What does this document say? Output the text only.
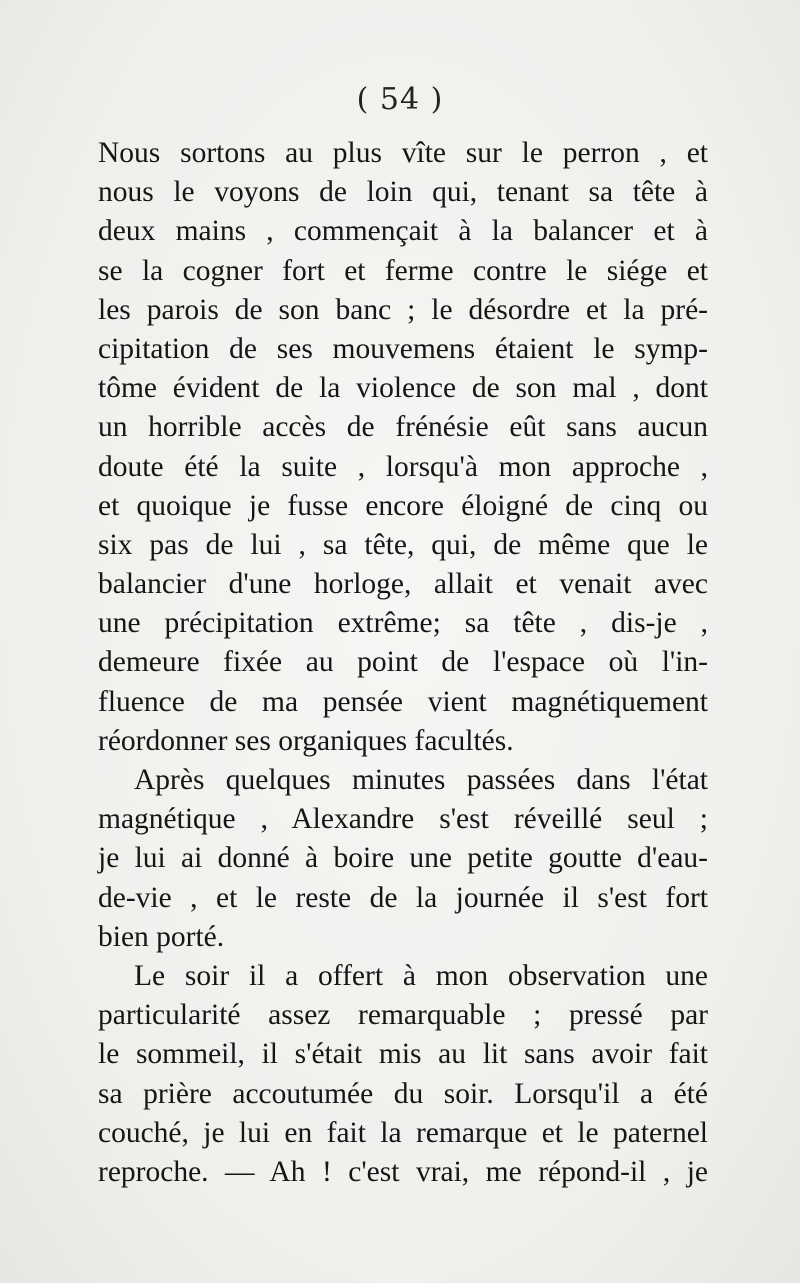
( 54 )
Nous sortons au plus vîte sur le perron , et
nous le voyons de loin qui, tenant sa tête à
deux mains , commençait à la balancer et à
se la cogner fort et ferme contre le siége et
les parois de son banc ; le désordre et la pré-
cipitation de ses mouvemens étaient le symp-
tôme évident de la violence de son mal , dont
un horrible accès de frénésie eût sans aucun
doute été la suite , lorsqu'à mon approche ,
et quoique je fusse encore éloigné de cinq ou
six pas de lui , sa tête, qui, de même que le
balancier d'une horloge, allait et venait avec
une précipitation extrême; sa tête , dis-je ,
demeure fixée au point de l'espace où l'in-
fluence de ma pensée vient magnétiquement
réordonner ses organiques facultés.
Après quelques minutes passées dans l'état
magnétique , Alexandre s'est réveillé seul ;
je lui ai donné à boire une petite goutte d'eau-
de-vie , et le reste de la journée il s'est fort
bien porté.
Le soir il a offert à mon observation une
particularité assez remarquable ; pressé par
le sommeil, il s'était mis au lit sans avoir fait
sa prière accoutumée du soir. Lorsqu'il a été
couché, je lui en fait la remarque et le paternel
reproche. — Ah ! c'est vrai, me répond-il , je
